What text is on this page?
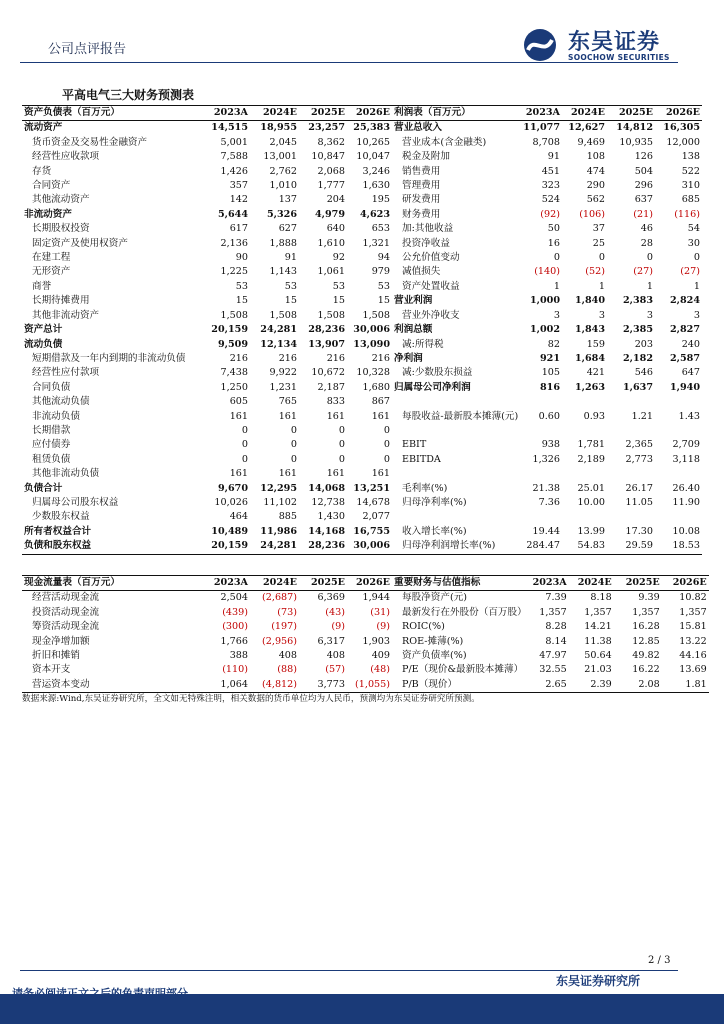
公司点评报告	东吴证券
SOOCHOW SECURITIES
平高电气三大财务预测表
资产负债表（百万元）	2023A	2024E	2025E	2026E
流动资产	14,515	18,955	23,257	25,383
货币资金及交易性金融资产	5,001	2,045	8,362	10,265
经营性应收款项	7,588	13,001	10,847	10,047
存货	1,426	2,762	2,068	3,246
合同资产	357	1,010	1,777	1,630
其他流动资产	142	137	204	195
非流动资产	5,644	5,326	4,979	4,623
长期股权投资	617	627	640	653
固定资产及使用权资产	2,136	1,888	1,610	1,321
在建工程	90	91	92	94
无形资产	1,225	1,143	1,061	979
商誉	53	53	53	53
长期待摊费用	15	15	15	15
其他非流动资产	1,508	1,508	1,508	1,508
资产总计	20,159	24,281	28,236	30,006
流动负债	9,509	12,134	13,907	13,090
短期借款及一年内到期的非流动负债	216	216	216	216
经营性应付款项	7,438	9,922	10,672	10,328
合同负债	1,250	1,231	2,187	1,680
其他流动负债	605	765	833	867
非流动负债	161	161	161	161
长期借款	0	0	0	0
应付债券	0	0	0	0
租赁负债	0	0	0	0
其他非流动负债	161	161	161	161
负债合计	9,670	12,295	14,068	13,251
归属母公司股东权益	10,026	11,102	12,738	14,678
少数股东权益	464	885	1,430	2,077
所有者权益合计	10,489	11,986	14,168	16,755
负债和股东权益	20,159	24,281	28,236	30,006
利润表（百万元）	2023A	2024E	2025E	2026E
营业总收入	11,077	12,627	14,812	16,305
营业成本(含金融类)	8,708	9,469	10,935	12,000
税金及附加	91	108	126	138
销售费用	451	474	504	522
管理费用	323	290	296	310
研发费用	524	562	637	685
财务费用	(92)	(106)	(21)	(116)
加:其他收益	50	37	46	54
投资净收益	16	25	28	30
公允价值变动	0	0	0	0
减值损失	(140)	(52)	(27)	(27)
资产处置收益	1	1	1	1
营业利润	1,000	1,840	2,383	2,824
营业外净收支	3	3	3	3
利润总额	1,002	1,843	2,385	2,827
减:所得税	82	159	203	240
净利润	921	1,684	2,182	2,587
减:少数股东损益	105	421	546	647
归属母公司净利润	816	1,263	1,637	1,940

每股收益-最新股本摊薄(元)	0.60	0.93	1.21	1.43

EBIT	938	1,781	2,365	2,709
EBITDA	1,326	2,189	2,773	3,118

毛利率(%)	21.38	25.01	26.17	26.40
归母净利率(%)	7.36	10.00	11.05	11.90

收入增长率(%)	19.44	13.99	17.30	10.08
归母净利润增长率(%)	284.47	54.83	29.59	18.53
现金流量表（百万元）	2023A	2024E	2025E	2026E
经营活动现金流	2,504	(2,687)	6,369	1,944
投资活动现金流	(439)	(73)	(43)	(31)
筹资活动现金流	(300)	(197)	(9)	(9)
现金净增加额	1,766	(2,956)	6,317	1,903
折旧和摊销	388	408	408	409
资本开支	(110)	(88)	(57)	(48)
营运资本变动	1,064	(4,812)	3,773	(1,055)
重要财务与估值指标	2023A	2024E	2025E	2026E
每股净资产(元)	7.39	8.18	9.39	10.82
最新发行在外股份（百万股）	1,357	1,357	1,357	1,357
ROIC(%)	8.28	14.21	16.28	15.81
ROE-摊薄(%)	8.14	11.38	12.85	13.22
资产负债率(%)	47.97	50.64	49.82	44.16
P/E（现价&最新股本摊薄）	32.55	21.03	16.22	13.69
P/B（现价）	2.65	2.39	2.08	1.81
数据来源:Wind,东吴证券研究所，全文如无特殊注明，相关数据的货币单位均为人民币，预测均为东吴证券研究所预测。
2 / 3
东吴证券研究所
请务必阅读正文之后的免责声明部分
